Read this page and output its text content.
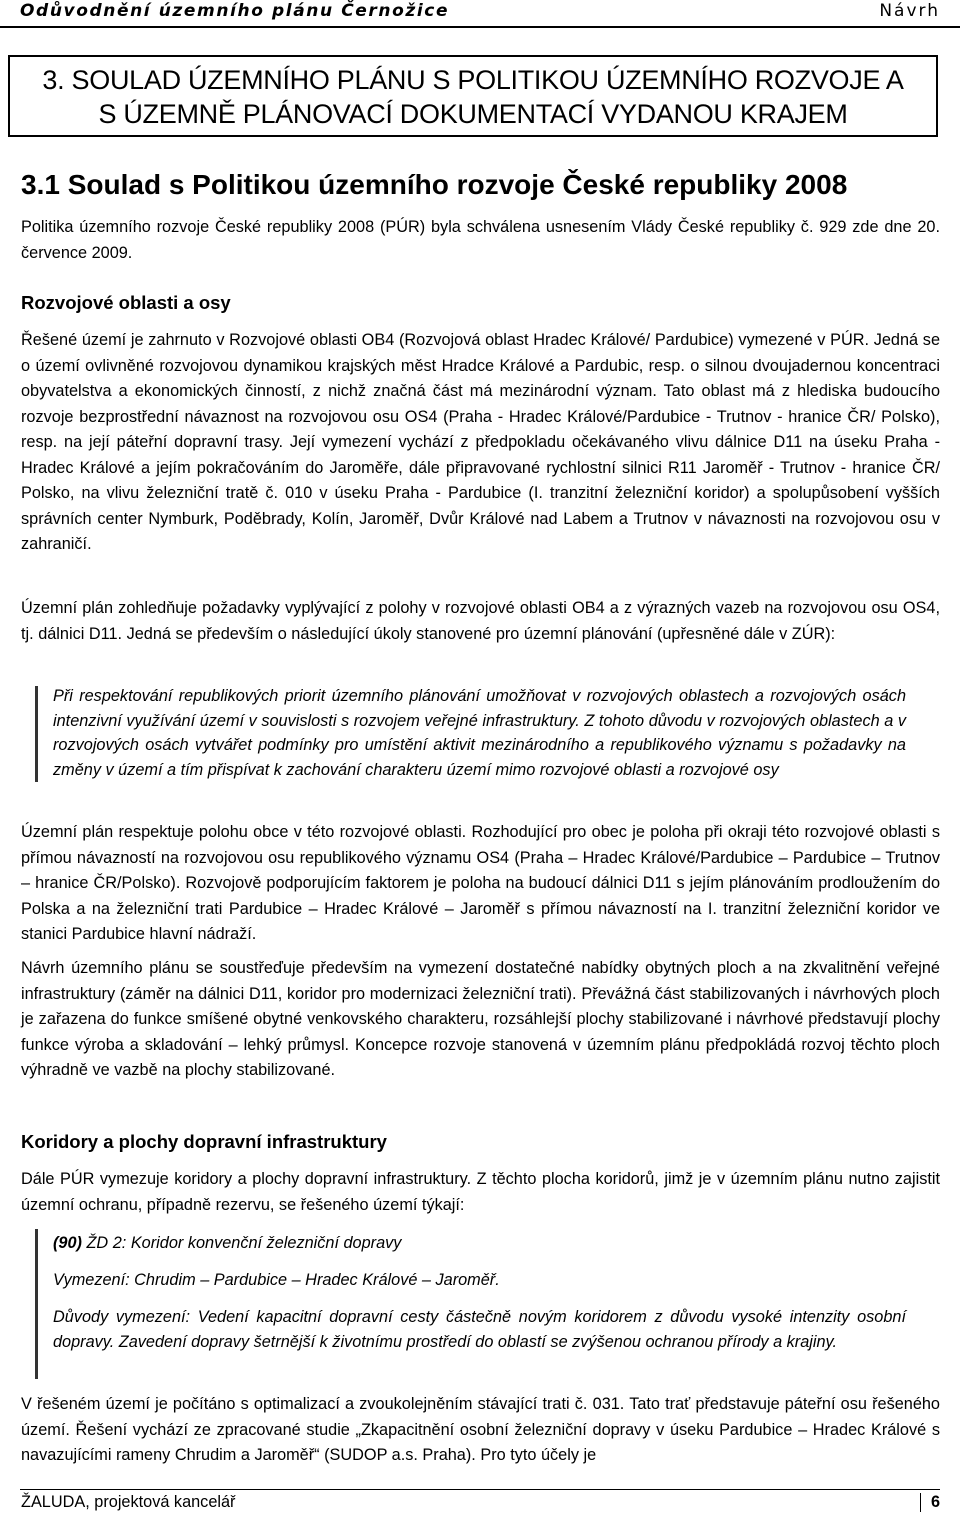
Odůvodnění územního plánu Černožice	Návrh
3. SOULAD ÚZEMNÍHO PLÁNU S POLITIKOU ÚZEMNÍHO ROZVOJE A
S ÚZEMNĚ PLÁNOVACÍ DOKUMENTACÍ VYDANOU KRAJEM
3.1 Soulad s Politikou územního rozvoje České republiky 2008
Politika územního rozvoje České republiky 2008 (PÚR) byla schválena usnesením Vlády České republiky č. 929 zde dne 20. července 2009.
Rozvojové oblasti a osy
Řešené území je zahrnuto v Rozvojové oblasti OB4 (Rozvojová oblast Hradec Králové/ Pardubice) vymezené v PÚR. Jedná se o území ovlivněné rozvojovou dynamikou krajských měst Hradce Králové a Pardubic, resp. o silnou dvoujadernou koncentraci obyvatelstva a ekonomických činností, z nichž značná část má mezinárodní význam. Tato oblast má z hlediska budoucího rozvoje bezprostřední návaznost na rozvojovou osu OS4 (Praha ‐ Hradec Králové/Pardubice ‐ Trutnov ‐ hranice ČR/ Polsko), resp. na její páteřní dopravní trasy. Její vymezení vychází z předpokladu očekávaného vlivu dálnice D11 na úseku Praha ‐ Hradec Králové a jejím pokračováním do Jaroměře, dále připravované rychlostní silnici R11 Jaroměř ‐ Trutnov ‐ hranice ČR/ Polsko, na vlivu železniční tratě č. 010 v úseku Praha ‐ Pardubice (I. tranzitní železniční koridor) a spolupůsobení vyšších správních center Nymburk, Poděbrady, Kolín, Jaroměř, Dvůr Králové nad Labem a Trutnov v návaznosti na rozvojovou osu v zahraničí.
Územní plán zohledňuje požadavky vyplývající z polohy v rozvojové oblasti OB4 a z výrazných vazeb na rozvojovou osu OS4, tj. dálnici D11. Jedná se především o následující úkoly stanovené pro územní plánování (upřesněné dále v ZÚR):
Při respektování republikových priorit územního plánování umožňovat v rozvojových oblastech a rozvojových osách intenzivní využívání území v souvislosti s rozvojem veřejné infrastruktury. Z tohoto důvodu v rozvojových oblastech a v rozvojových osách vytvářet podmínky pro umístění aktivit mezinárodního a republikového významu s požadavky na změny v území a tím přispívat k zachování charakteru území mimo rozvojové oblasti a rozvojové osy
Územní plán respektuje polohu obce v této rozvojové oblasti. Rozhodující pro obec je poloha při okraji této rozvojové oblasti s přímou návazností na rozvojovou osu republikového významu OS4 (Praha – Hradec Králové/Pardubice – Pardubice – Trutnov – hranice ČR/Polsko). Rozvojově podporujícím faktorem je poloha na budoucí dálnici D11 s jejím plánováním prodloužením do Polska a na železniční trati Pardubice – Hradec Králové – Jaroměř s přímou návazností na I. tranzitní železniční koridor ve stanici Pardubice hlavní nádraží.
Návrh územního plánu se soustřeďuje především na vymezení dostatečné nabídky obytných ploch a na zkvalitnění veřejné infrastruktury (záměr na dálnici D11, koridor pro modernizaci železniční trati). Převážná část stabilizovaných i návrhových ploch je zařazena do funkce smíšené obytné venkovského charakteru, rozsáhlejší plochy stabilizované i návrhové představují plochy funkce výroba a skladování – lehký průmysl. Koncepce rozvoje stanovená v územním plánu předpokládá rozvoj těchto ploch výhradně ve vazbě na plochy stabilizované.
Koridory a plochy dopravní infrastruktury
Dále PÚR vymezuje koridory a plochy dopravní infrastruktury. Z těchto plocha koridorů, jimž je v územním plánu nutno zajistit územní ochranu, případně rezervu, se řešeného území týkají:
(90) ŽD 2: Koridor konvenční železniční dopravy
Vymezení: Chrudim – Pardubice – Hradec Králové – Jaroměř.
Důvody vymezení: Vedení kapacitní dopravní cesty částečně novým koridorem z důvodu vysoké intenzity osobní dopravy. Zavedení dopravy šetrnější k životnímu prostředí do oblastí se zvýšenou ochranou přírody a krajiny.
V řešeném území je počítáno s optimalizací a zvoukolejněním stávající trati č. 031. Tato trať představuje páteřní osu řešeného území. Řešení vychází ze zpracované studie „Zkapacitnění osobní železniční dopravy v úseku Pardubice – Hradec Králové s navazujícími rameny Chrudim a Jaroměř“ (SUDOP a.s. Praha). Pro tyto účely je
ŽALUDA, projektová kancelář	6
